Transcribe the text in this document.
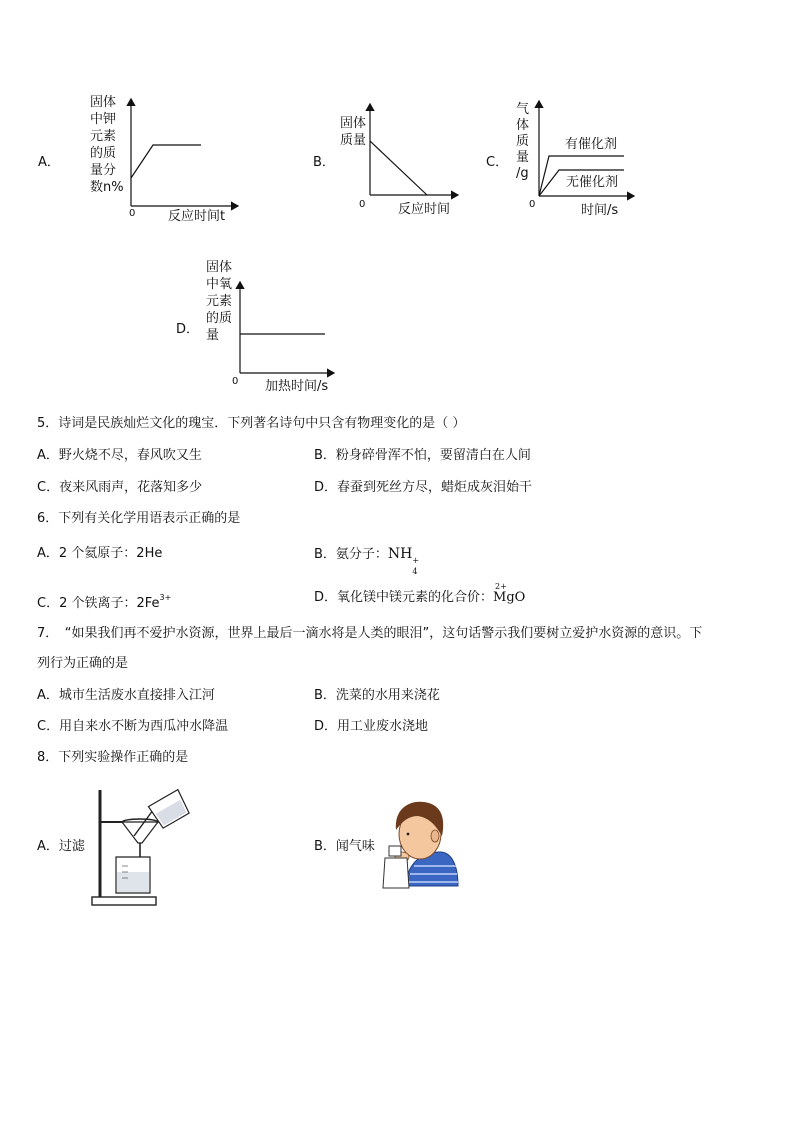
A．
固体
中钾
元素
的质
量分
数n%
0	反应时间t
B．
固体
质量
0	反应时间
C．
气
体
质
量
/g
0	时间/s
有催化剂
无催化剂
D．
固体
中氧
元素
的质
量
0 加热时间/s
5．诗词是民族灿烂文化的瑰宝．下列著名诗句中只含有物理变化的是（ ）
A．野火烧不尽，春风吹又生	B．粉身碎骨浑不怕，要留清白在人间
C．夜来风雨声，花落知多少	D．春蚕到死丝方尽，蜡炬成灰泪始干
6．下列有关化学用语表示正确的是
A．2 个氦原子：2He	B．氨分子：NH +
4
C．2 个铁离子：$2Fe^{3+}$	D．氧化镁中镁元素的化合价：
2+
MgO
7．　“如果我们再不爱护水资源，世界上最后一滴水将是人类的眼泪”，这句话警示我们要树立爱护水资源的意识。下
列行为正确的是
A．城市生活废水直接排入江河	B．洗菜的水用来浇花
C．用自来水不断为西瓜冲水降温	D．用工业废水浇地
8．下列实验操作正确的是
A．过滤	B．闻气味
